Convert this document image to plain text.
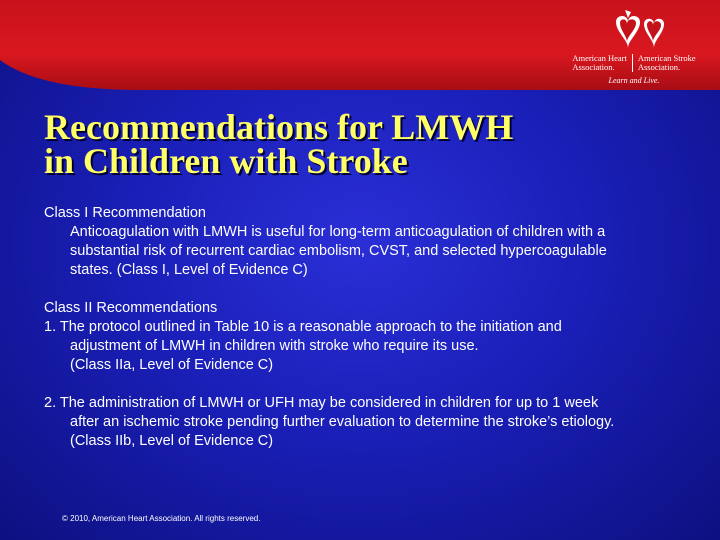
American Heart
Association.
American Stroke
Association.
Learn and Live.
Recommendations for LMWH
in Children with Stroke

Class I Recommendation

Anticoagulation with LMWH is useful for long-term anticoagulation of children with a

substantial risk of recurrent cardiac embolism, CVST, and selected hypercoagulable

states. (Class I, Level of Evidence C)

Class II Recommendations

1. The protocol outlined in Table 10 is a reasonable approach to the initiation and

adjustment of LMWH in children with stroke who require its use.

(Class IIa, Level of Evidence C)

2. The administration of LMWH or UFH may be considered in children for up to 1 week

after an ischemic stroke pending further evaluation to determine the stroke’s etiology.

(Class IIb, Level of Evidence C)

© 2010, American Heart Association. All rights reserved.
